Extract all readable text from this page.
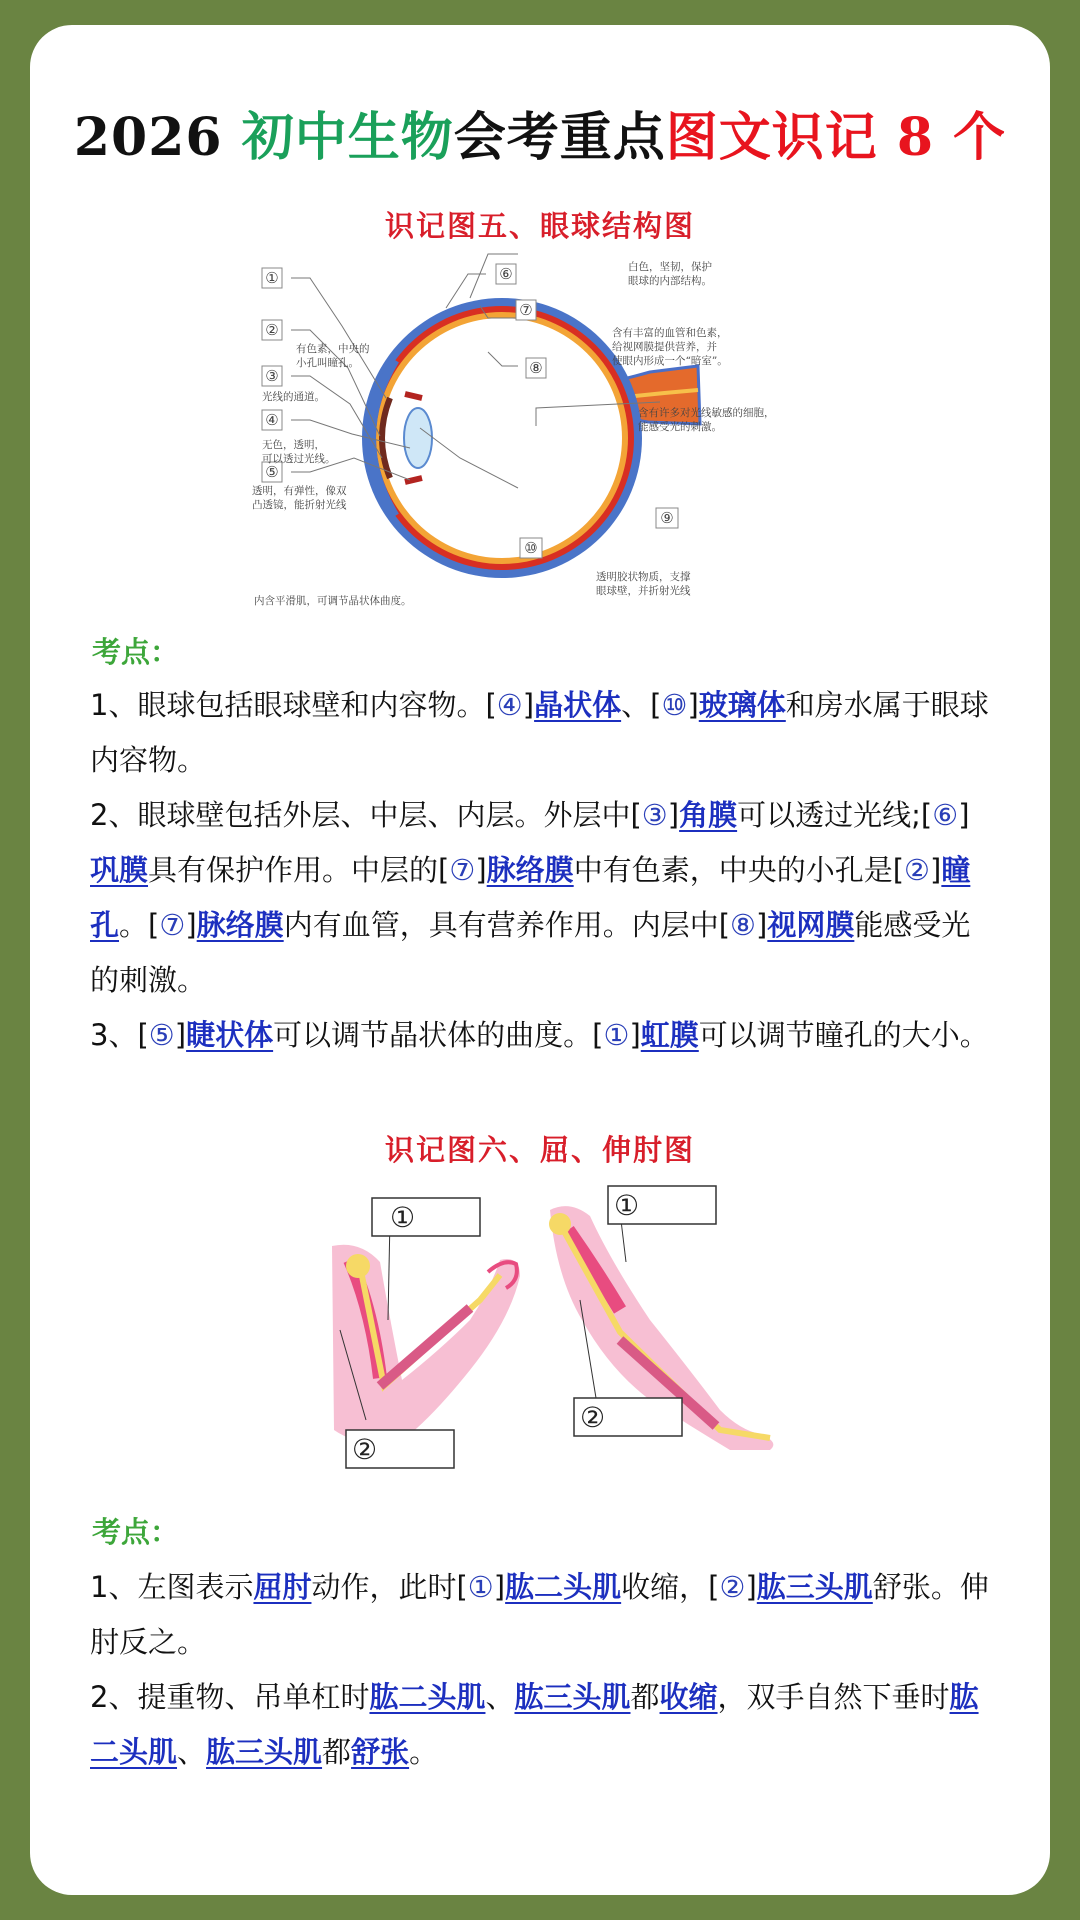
2026 初中生物会考重点图文识记 8 个
识记图五、眼球结构图
①
②
③
④
⑤
⑥
⑦
⑧
⑨
⑩
有色素，中央的
小孔叫瞳孔。
光线的通道。
无色，透明，
可以透过光线。
透明，有弹性，像双
凸透镜，能折射光线
内含平滑肌，可调节晶状体曲度。
白色，坚韧，保护
眼球的内部结构。
含有丰富的血管和色素，
给视网膜提供营养，并
使眼内形成一个“暗室”。
含有许多对光线敏感的细胞，
能感受光的刺激。
透明胶状物质，支撑
眼球壁，并折射光线
考点：
1、眼球包括眼球壁和内容物。[④]晶状体、[⑩]玻璃体和房水属于眼球内容物。
2、眼球壁包括外层、中层、内层。外层中[③]角膜可以透过光线;[⑥]巩膜具有保护作用。中层的[⑦]脉络膜中有色素，中央的小孔是[②]瞳孔。[⑦]脉络膜内有血管，具有营养作用。内层中[⑧]视网膜能感受光的刺激。
3、[⑤]睫状体可以调节晶状体的曲度。[①]虹膜可以调节瞳孔的大小。
识记图六、屈、伸肘图
①
②
①
②
考点：
1、左图表示屈肘动作，此时[①]肱二头肌收缩，[②]肱三头肌舒张。伸肘反之。
2、提重物、吊单杠时肱二头肌、肱三头肌都收缩，双手自然下垂时肱二头肌、肱三头肌都舒张。
